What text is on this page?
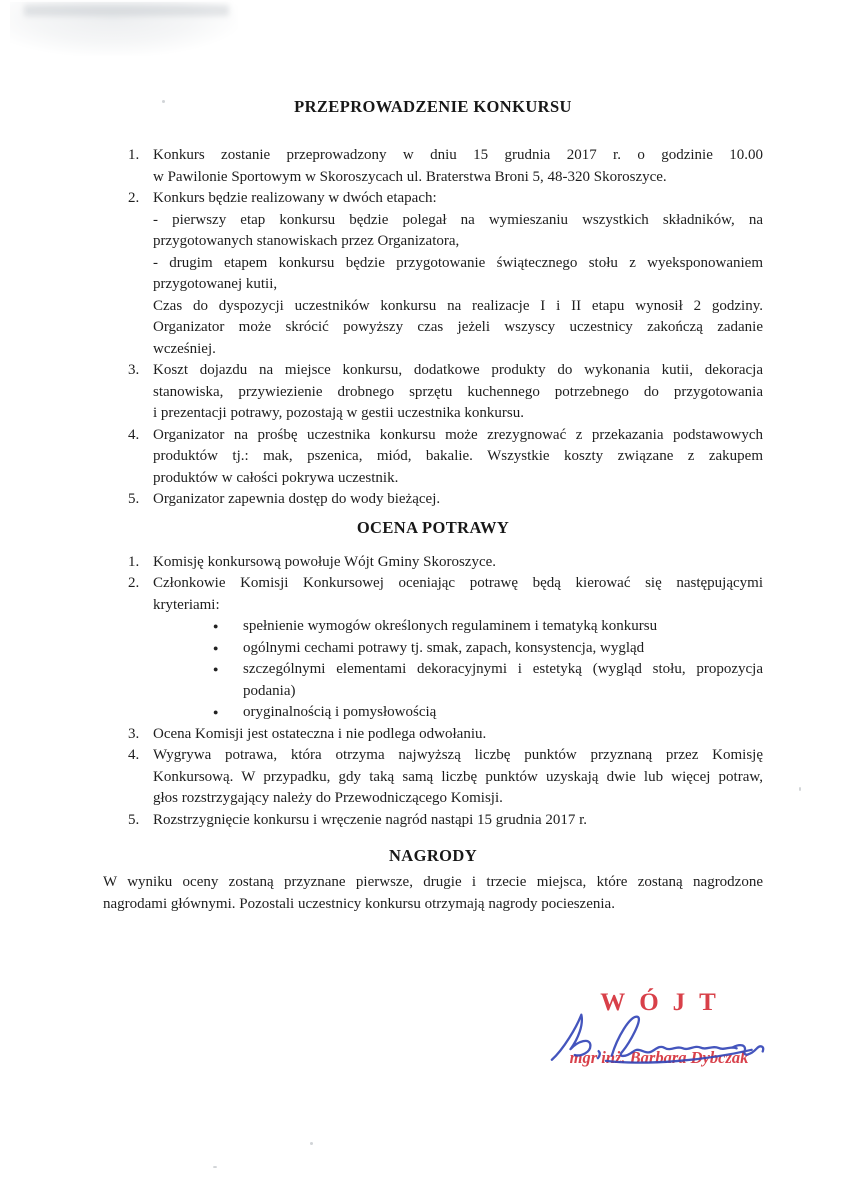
PRZEPROWADZENIE KONKURSU
1. Konkurs zostanie przeprowadzony w dniu 15 grudnia 2017 r. o godzinie 10.00
w Pawilonie Sportowym w Skoroszycach ul. Braterstwa Broni 5, 48-320 Skoroszyce.
2. Konkurs będzie realizowany w dwóch etapach:
- pierwszy etap konkursu będzie polegał na wymieszaniu wszystkich składników, na
przygotowanych stanowiskach przez Organizatora,
- drugim etapem konkursu będzie przygotowanie świątecznego stołu z wyeksponowaniem
przygotowanej kutii,
Czas do dyspozycji uczestników konkursu na realizacje I i II etapu wynosił 2 godziny.
Organizator może skrócić powyższy czas jeżeli wszyscy uczestnicy zakończą zadanie
wcześniej.
3. Koszt dojazdu na miejsce konkursu, dodatkowe produkty do wykonania kutii, dekoracja
stanowiska, przywiezienie drobnego sprzętu kuchennego potrzebnego do przygotowania
i prezentacji potrawy, pozostają w gestii uczestnika konkursu.
4. Organizator na prośbę uczestnika konkursu może zrezygnować z przekazania podstawowych
produktów tj.: mak, pszenica, miód, bakalie. Wszystkie koszty związane z zakupem
produktów w całości pokrywa uczestnik.
5. Organizator zapewnia dostęp do wody bieżącej.
OCENA POTRAWY
1. Komisję konkursową powołuje Wójt Gminy Skoroszyce.
2. Członkowie Komisji Konkursowej oceniając potrawę będą kierować się następującymi
kryteriami:
●	spełnienie wymogów określonych regulaminem i tematyką konkursu
●	ogólnymi cechami potrawy tj. smak, zapach, konsystencja, wygląd
●	szczególnymi elementami dekoracyjnymi i estetyką (wygląd stołu, propozycja
podania)
●	oryginalnością i pomysłowością
3. Ocena Komisji jest ostateczna i nie podlega odwołaniu.
4. Wygrywa potrawa, która otrzyma najwyższą liczbę punktów przyznaną przez Komisję
Konkursową. W przypadku, gdy taką samą liczbę punktów uzyskają dwie lub więcej potraw,
głos rozstrzygający należy do Przewodniczącego Komisji.
5. Rozstrzygnięcie konkursu i wręczenie nagród nastąpi 15 grudnia 2017 r.
NAGRODY
W wyniku oceny zostaną przyznane pierwsze, drugie i trzecie miejsca, które zostaną nagrodzone
nagrodami głównymi. Pozostali uczestnicy konkursu otrzymają nagrody pocieszenia.
WÓJT
mgr inż. Barbara Dybczak
